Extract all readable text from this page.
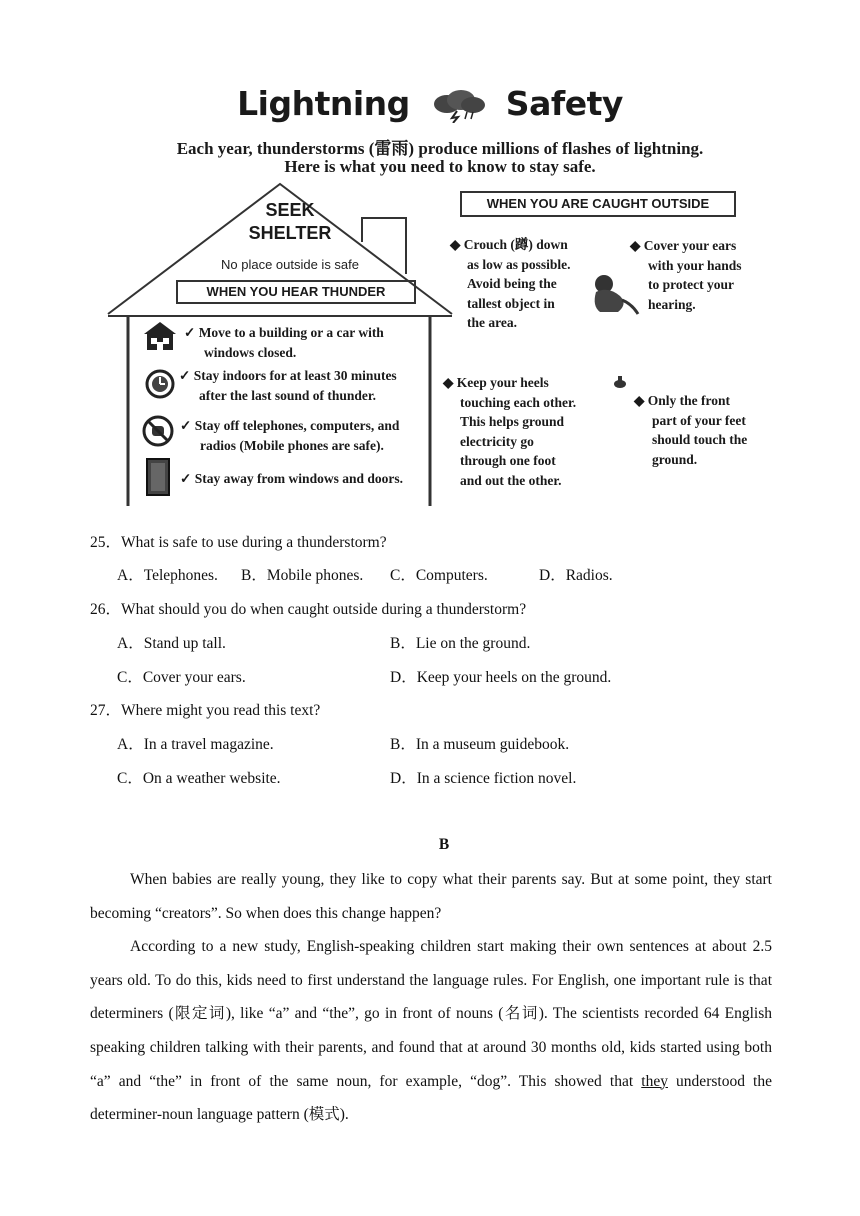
Lightning	Safety
Each year, thunderstorms (雷雨) produce millions of flashes of lightning.
Here is what you need to know to stay safe.
SEEK
SHELTER
No place outside is safe
WHEN YOU HEAR THUNDER
✓ Move to a building or a car with
windows closed.
✓ Stay indoors for at least 30 minutes
after the last sound of thunder.
✓ Stay off telephones, computers, and
radios (Mobile phones are safe).
✓ Stay away from windows and doors.
WHEN YOU ARE CAUGHT OUTSIDE
◆ Crouch (蹲) down
as low as possible.
Avoid being the
tallest object in
the area.
◆ Cover your ears
with your hands
to protect your
hearing.
◆ Keep your heels
touching each other.
This helps ground
electricity go
through one foot
and out the other.
◆ Only the front
part of your feet
should touch the
ground.
25．What is safe to use during a thunderstorm?
A．Telephones. B．Mobile phones. C．Computers.	D．Radios.
26．What should you do when caught outside during a thunderstorm?
A．Stand up tall.	B．Lie on the ground.
C．Cover your ears.	D．Keep your heels on the ground.
27．Where might you read this text?
A．In a travel magazine.	B．In a museum guidebook.
C．On a weather website.	D．In a science fiction novel.
B

When babies are really young, they like to copy what their parents say. But at some point, they start becoming “creators”. So when does this change happen?

According to a new study, English-speaking children start making their own sentences at about 2.5 years old. To do this, kids need to first understand the language rules. For English, one important rule is that determiners (限定词), like “a” and “the”, go in front of nouns (名词). The scientists recorded 64 English speaking children talking with their parents, and found that at around 30 months old, kids started using both “a” and “the” in front of the same noun, for example, “dog”. This showed that they understood the determiner-noun language pattern (模式).
